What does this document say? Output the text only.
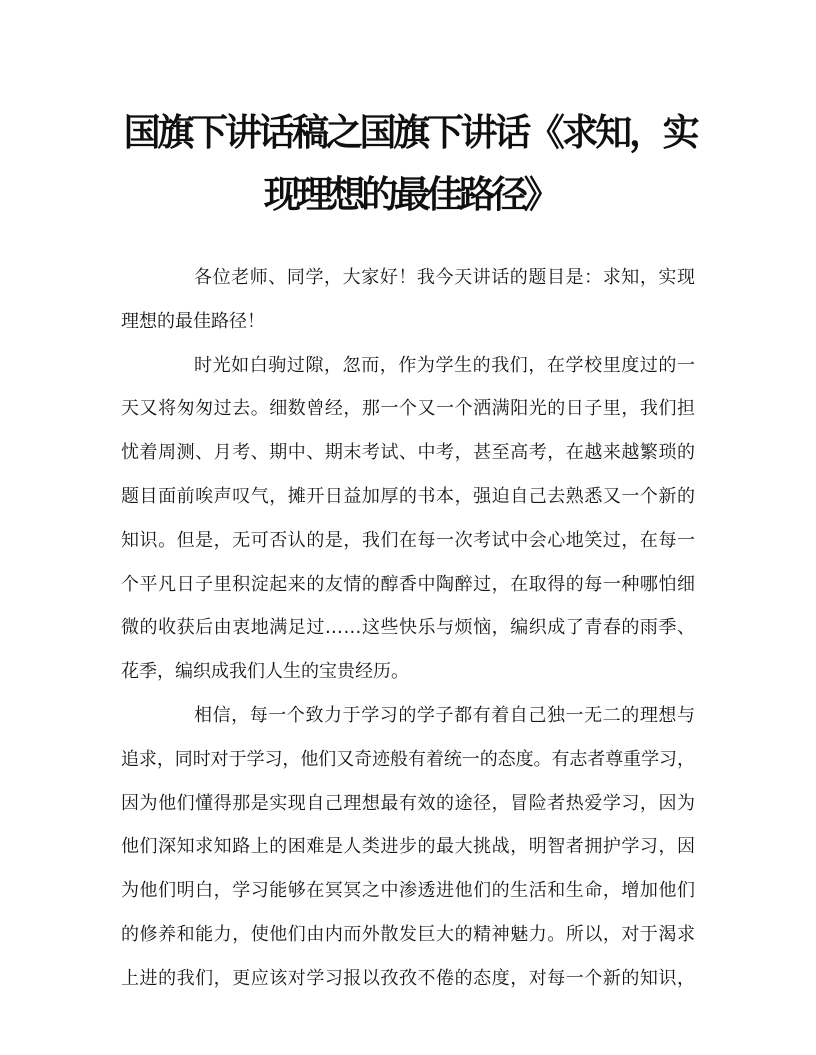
国旗下讲话稿之国旗下讲话《求知，实
现理想的最佳路径》
各位老师、同学，大家好！我今天讲话的题目是：求知，实现
理想的最佳路径！
时光如白驹过隙，忽而，作为学生的我们，在学校里度过的一
天又将匆匆过去。细数曾经，那一个又一个洒满阳光的日子里，我们担
忧着周测、月考、期中、期末考试、中考，甚至高考，在越来越繁琐的
题目面前唉声叹气，摊开日益加厚的书本，强迫自己去熟悉又一个新的
知识。但是，无可否认的是，我们在每一次考试中会心地笑过，在每一
个平凡日子里积淀起来的友情的醇香中陶醉过，在取得的每一种哪怕细
微的收获后由衷地满足过……这些快乐与烦恼，编织成了青春的雨季、
花季，编织成我们人生的宝贵经历。
相信，每一个致力于学习的学子都有着自己独一无二的理想与
追求，同时对于学习，他们又奇迹般有着统一的态度。有志者尊重学习，
因为他们懂得那是实现自己理想最有效的途径，冒险者热爱学习，因为
他们深知求知路上的困难是人类进步的最大挑战，明智者拥护学习，因
为他们明白，学习能够在冥冥之中渗透进他们的生活和生命，增加他们
的修养和能力，使他们由内而外散发巨大的精神魅力。所以，对于渴求
上进的我们，更应该对学习报以孜孜不倦的态度，对每一个新的知识，
